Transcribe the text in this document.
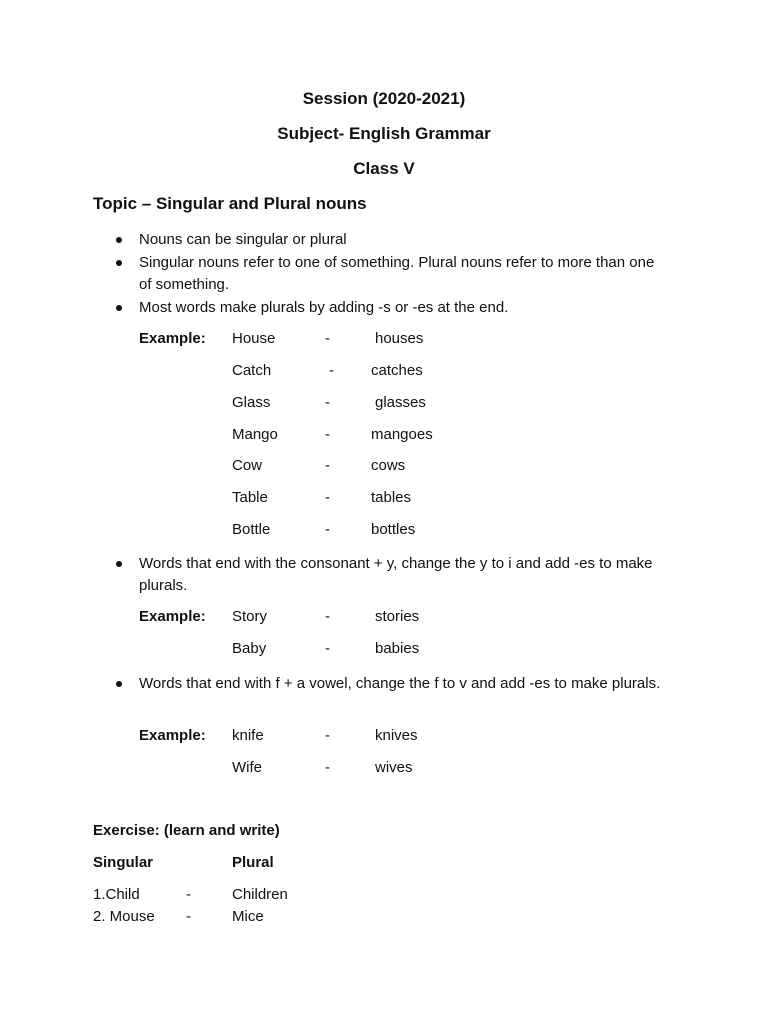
Session (2020-2021)
Subject- English Grammar
Class V
Topic – Singular and Plural nouns
Nouns can be singular or plural
Singular nouns refer to one of something. Plural nouns refer to more than one of something.
Most words make plurals by adding -s or -es at the end.
Example: House	-	houses
Catch	- catches
Glass	-	glasses
Mango	-	mangoes
Cow	-	cows
Table	-	tables
Bottle	-	bottles
Words that end with the consonant + y, change the y to i and add -es to make plurals.
Example: Story	-	stories
Baby	-	babies
Words that end with f + a vowel, change the f to v and add -es to make plurals.
Example: knife	-	knives
Wife	-	wives
Exercise: (learn and write)
Singular	Plural
1.Child	-	Children
2. Mouse -	Mice
